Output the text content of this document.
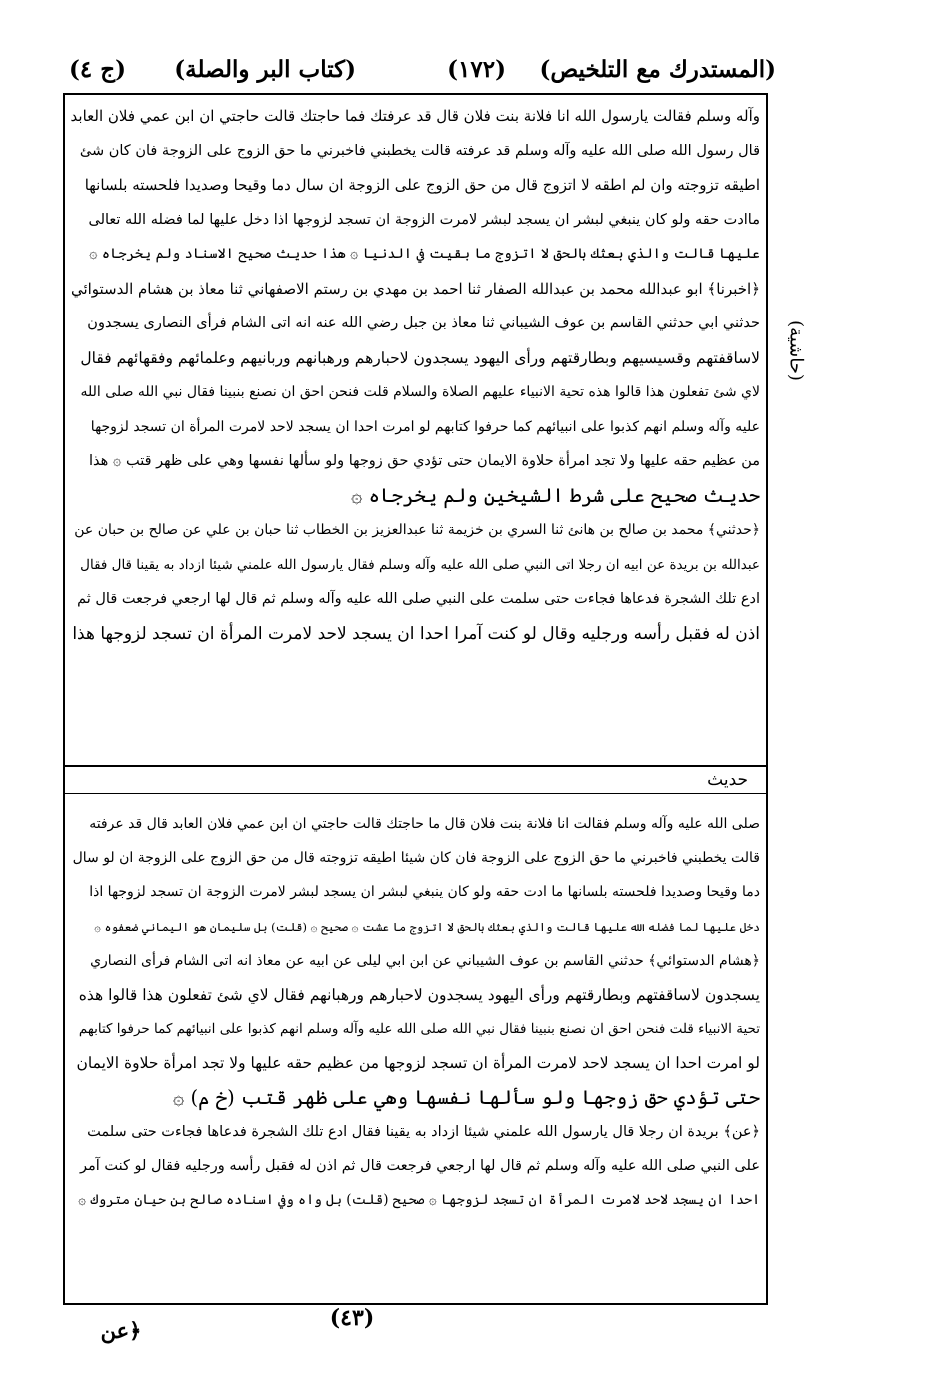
(المستدرك مع التلخيص)
(١٧٢)
(كتاب البر والصلة)
(ج ٤)
(حاشية)

وآله وسلم فقالت يارسول الله انا فلانة بنت فلان قال قد عرفتك فما حاجتك قالت حاجتي ان ابن عمي فلان العابد

قال رسول الله صلى الله عليه وآله وسلم قد عرفته قالت يخطبني فاخبرني ما حق الزوج على الزوجة فان كان شئ

اطيقه تزوجته وان لم اطقه لا اتزوج قال من حق الزوج على الزوجة ان سال دما وقيحا وصديدا فلحسته بلسانها

ماادت حقه ولو كان ينبغي لبشر ان يسجد لبشر لامرت الزوجة ان تسجد لزوجها اذا دخل عليها لما فضله الله تعالى

عليها قالت والذي بعثك بالحق لا اتزوج ما بقيت في الدنيا ۞ هذا حديث صحيح الاسناد ولم يخرجاه ۞

﴿اخبرنا﴾ ابو عبدالله محمد بن عبدالله الصفار ثنا احمد بن مهدي بن رستم الاصفهاني ثنا معاذ بن هشام الدستوائي

حدثني ابي حدثني القاسم بن عوف الشيباني ثنا معاذ بن جبل رضي الله عنه انه اتى الشام فرأى النصارى يسجدون

لاساقفتهم وقسيسيهم وبطارقتهم ورأى اليهود يسجدون لاحبارهم ورهبانهم وربانيهم وعلمائهم وفقهائهم فقال

لاي شئ تفعلون هذا قالوا هذه تحية الانبياء عليهم الصلاة والسلام قلت فنحن احق ان نصنع بنبينا فقال نبي الله صلى الله

عليه وآله وسلم انهم كذبوا على انبيائهم كما حرفوا كتابهم لو امرت احدا ان يسجد لاحد لامرت المرأة ان تسجد لزوجها

من عظيم حقه عليها ولا تجد امرأة حلاوة الايمان حتى تؤدي حق زوجها ولو سألها نفسها وهي على ظهر قتب ۞ هذا

حديث صحيح على شرط الشيخين ولم يخرجاه ۞

﴿حدثني﴾ محمد بن صالح بن هانئ ثنا السري بن خزيمة ثنا عبدالعزيز بن الخطاب ثنا حبان بن علي عن صالح بن حبان عن

عبدالله بن بريدة عن ابيه ان رجلا اتى النبي صلى الله عليه وآله وسلم فقال يارسول الله علمني شيئا ازداد به يقينا قال فقال

ادع تلك الشجرة فدعاها فجاءت حتى سلمت على النبي صلى الله عليه وآله وسلم ثم قال لها ارجعي فرجعت قال ثم

اذن له فقبل رأسه ورجليه وقال لو كنت آمرا احدا ان يسجد لاحد لامرت المرأة ان تسجد لزوجها هذا

حديث

صلى الله عليه وآله وسلم فقالت انا فلانة بنت فلان قال ما حاجتك قالت حاجتي ان ابن عمي فلان العابد قال قد عرفته

قالت يخطبني فاخبرني ما حق الزوج على الزوجة فان كان شيئا اطيقه تزوجته قال من حق الزوج على الزوجة ان لو سال

دما وقيحا وصديدا فلحسته بلسانها ما ادت حقه ولو كان ينبغي لبشر ان يسجد لبشر لامرت الزوجة ان تسجد لزوجها اذا

دخل عليها لما فضله الله عليها قالت والذي بعثك بالحق لا اتزوج ما عشت ۞ صحيح ۞ (قلت) بل سليمان هو اليماني ضعفوه ۞

﴿هشام الدستوائي﴾ حدثني القاسم بن عوف الشيباني عن ابن ابي ليلى عن ابيه عن معاذ انه اتى الشام فرأى النصاري

يسجدون لاساقفتهم وبطارقتهم ورأى اليهود يسجدون لاحبارهم ورهبانهم فقال لاي شئ تفعلون هذا قالوا هذه

تحية الانبياء قلت فنحن احق ان نصنع بنبينا فقال نبي الله صلى الله عليه وآله وسلم انهم كذبوا على انبيائهم كما حرفوا كتابهم

لو امرت احدا ان يسجد لاحد لامرت المرأة ان تسجد لزوجها من عظيم حقه عليها ولا تجد امرأة حلاوة الايمان

حتى تؤدي حق زوجها ولو سألها نفسها وهي على ظهر قتب (خ م) ۞

﴿عن﴾ بريدة ان رجلا قال يارسول الله علمني شيئا ازداد به يقينا فقال ادع تلك الشجرة فدعاها فجاءت حتى سلمت

على النبي صلى الله عليه وآله وسلم ثم قال لها ارجعي فرجعت قال ثم اذن له فقبل رأسه ورجليه فقال لو كنت آمر

احدا ان يسجد لاحد لامرت المرأة ان تسجد لزوجها ۞ صحيح (قلت) بل واه وفي اسناده صالح بن حيان متروك ۞

(٤٣)
﴿عن
